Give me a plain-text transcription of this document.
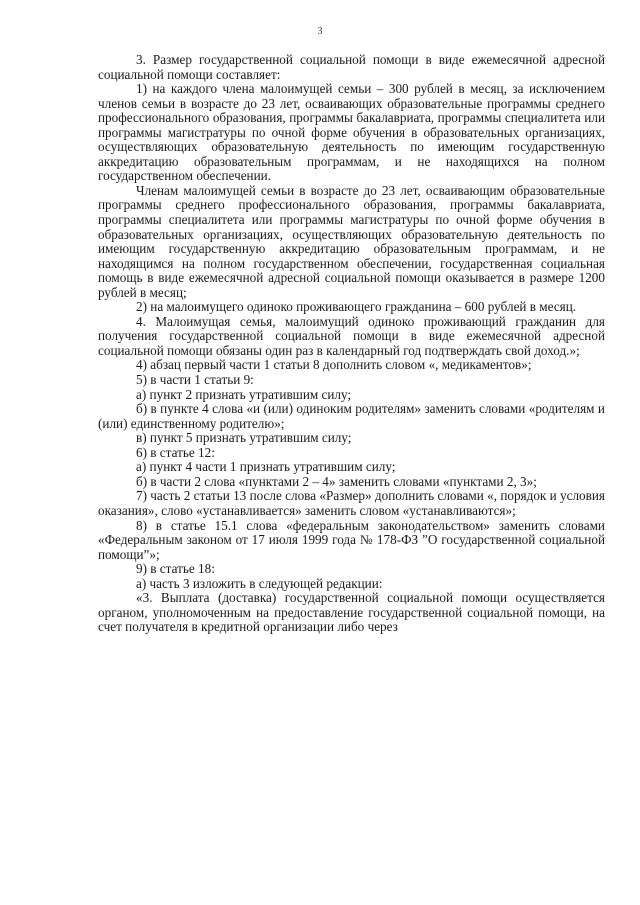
3

3. Размер государственной социальной помощи в виде ежемесячной адресной социальной помощи составляет:

1) на каждого члена малоимущей семьи – 300 рублей в месяц, за исключением членов семьи в возрасте до 23 лет, осваивающих образовательные программы среднего профессионального образования, программы бакалавриата, программы специалитета или программы магистратуры по очной форме обучения в образовательных организациях, осуществляющих образовательную деятельность по имеющим государственную аккредитацию образовательным программам, и не находящихся на полном государственном обеспечении.

Членам малоимущей семьи в возрасте до 23 лет, осваивающим образовательные программы среднего профессионального образования, программы бакалавриата, программы специалитета или программы магистратуры по очной форме обучения в образовательных организациях, осуществляющих образовательную деятельность по имеющим государственную аккредитацию образовательным программам, и не находящимся на полном государственном обеспечении, государственная социальная помощь в виде ежемесячной адресной социальной помощи оказывается в размере 1200 рублей в месяц;

2) на малоимущего одиноко проживающего гражданина – 600 рублей в месяц.

4. Малоимущая семья, малоимущий одиноко проживающий гражданин для получения государственной социальной помощи в виде ежемесячной адресной социальной помощи обязаны один раз в календарный год подтверждать свой доход.»;

4) абзац первый части 1 статьи 8 дополнить словом «, медикаментов»;

5) в части 1 статьи 9:

а) пункт 2 признать утратившим силу;

б) в пункте 4 слова «и (или) одиноким родителям» заменить словами «родителям и (или) единственному родителю»;

в) пункт 5 признать утратившим силу;

6) в статье 12:

а) пункт 4 части 1 признать утратившим силу;

б) в части 2 слова «пунктами 2 – 4» заменить словами «пунктами 2, 3»;

7) часть 2 статьи 13 после слова «Размер» дополнить словами «, порядок и условия оказания», слово «устанавливается» заменить словом «устанавливаются»;

8) в статье 15.1 слова «федеральным законодательством» заменить словами «Федеральным законом от 17 июля 1999 года № 178-ФЗ ”О государственной социальной помощи”»;

9) в статье 18:

а) часть 3 изложить в следующей редакции:

«3. Выплата (доставка) государственной социальной помощи осуществляется органом, уполномоченным на предоставление государственной социальной помощи, на счет получателя в кредитной организации либо через
